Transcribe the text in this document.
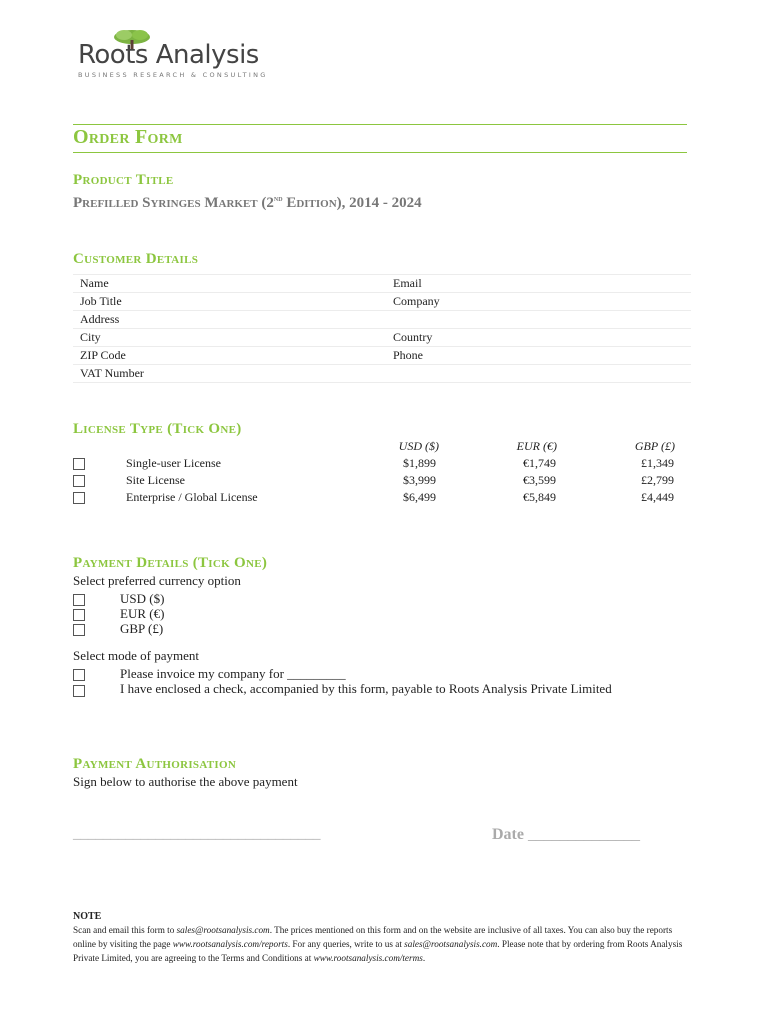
Roots Analysis
BUSINESS RESEARCH & CONSULTING
Order Form
Product Title
Prefilled Syringes Market (2nd Edition), 2014 - 2024
Customer Details
Name	Email
Job Title	Company
Address
City	Country
ZIP Code	Phone
VAT Number
License Type (Tick One)
USD ($)	EUR (€)	GBP (£)
Single-user License	$1,899	€1,749	£1,349
Site License	$3,999	€3,599	£2,799
Enterprise / Global License	$6,499	€5,849	£4,449
Payment Details (Tick One)
Select preferred currency option
USD ($)
EUR (€)
GBP (£)
Select mode of payment
Please invoice my company for _________
I have enclosed a check, accompanied by this form, payable to Roots Analysis Private Limited
Payment Authorisation
Sign below to authorise the above payment
_________________________________	Date ______________
NOTE
Scan and email this form to sales@rootsanalysis.com. The prices mentioned on this form and on the website are inclusive of all taxes. You can also buy the reports online by visiting the page www.rootsanalysis.com/reports. For any queries, write to us at sales@rootsanalysis.com. Please note that by ordering from Roots Analysis Private Limited, you are agreeing to the Terms and Conditions at www.rootsanalysis.com/terms.
